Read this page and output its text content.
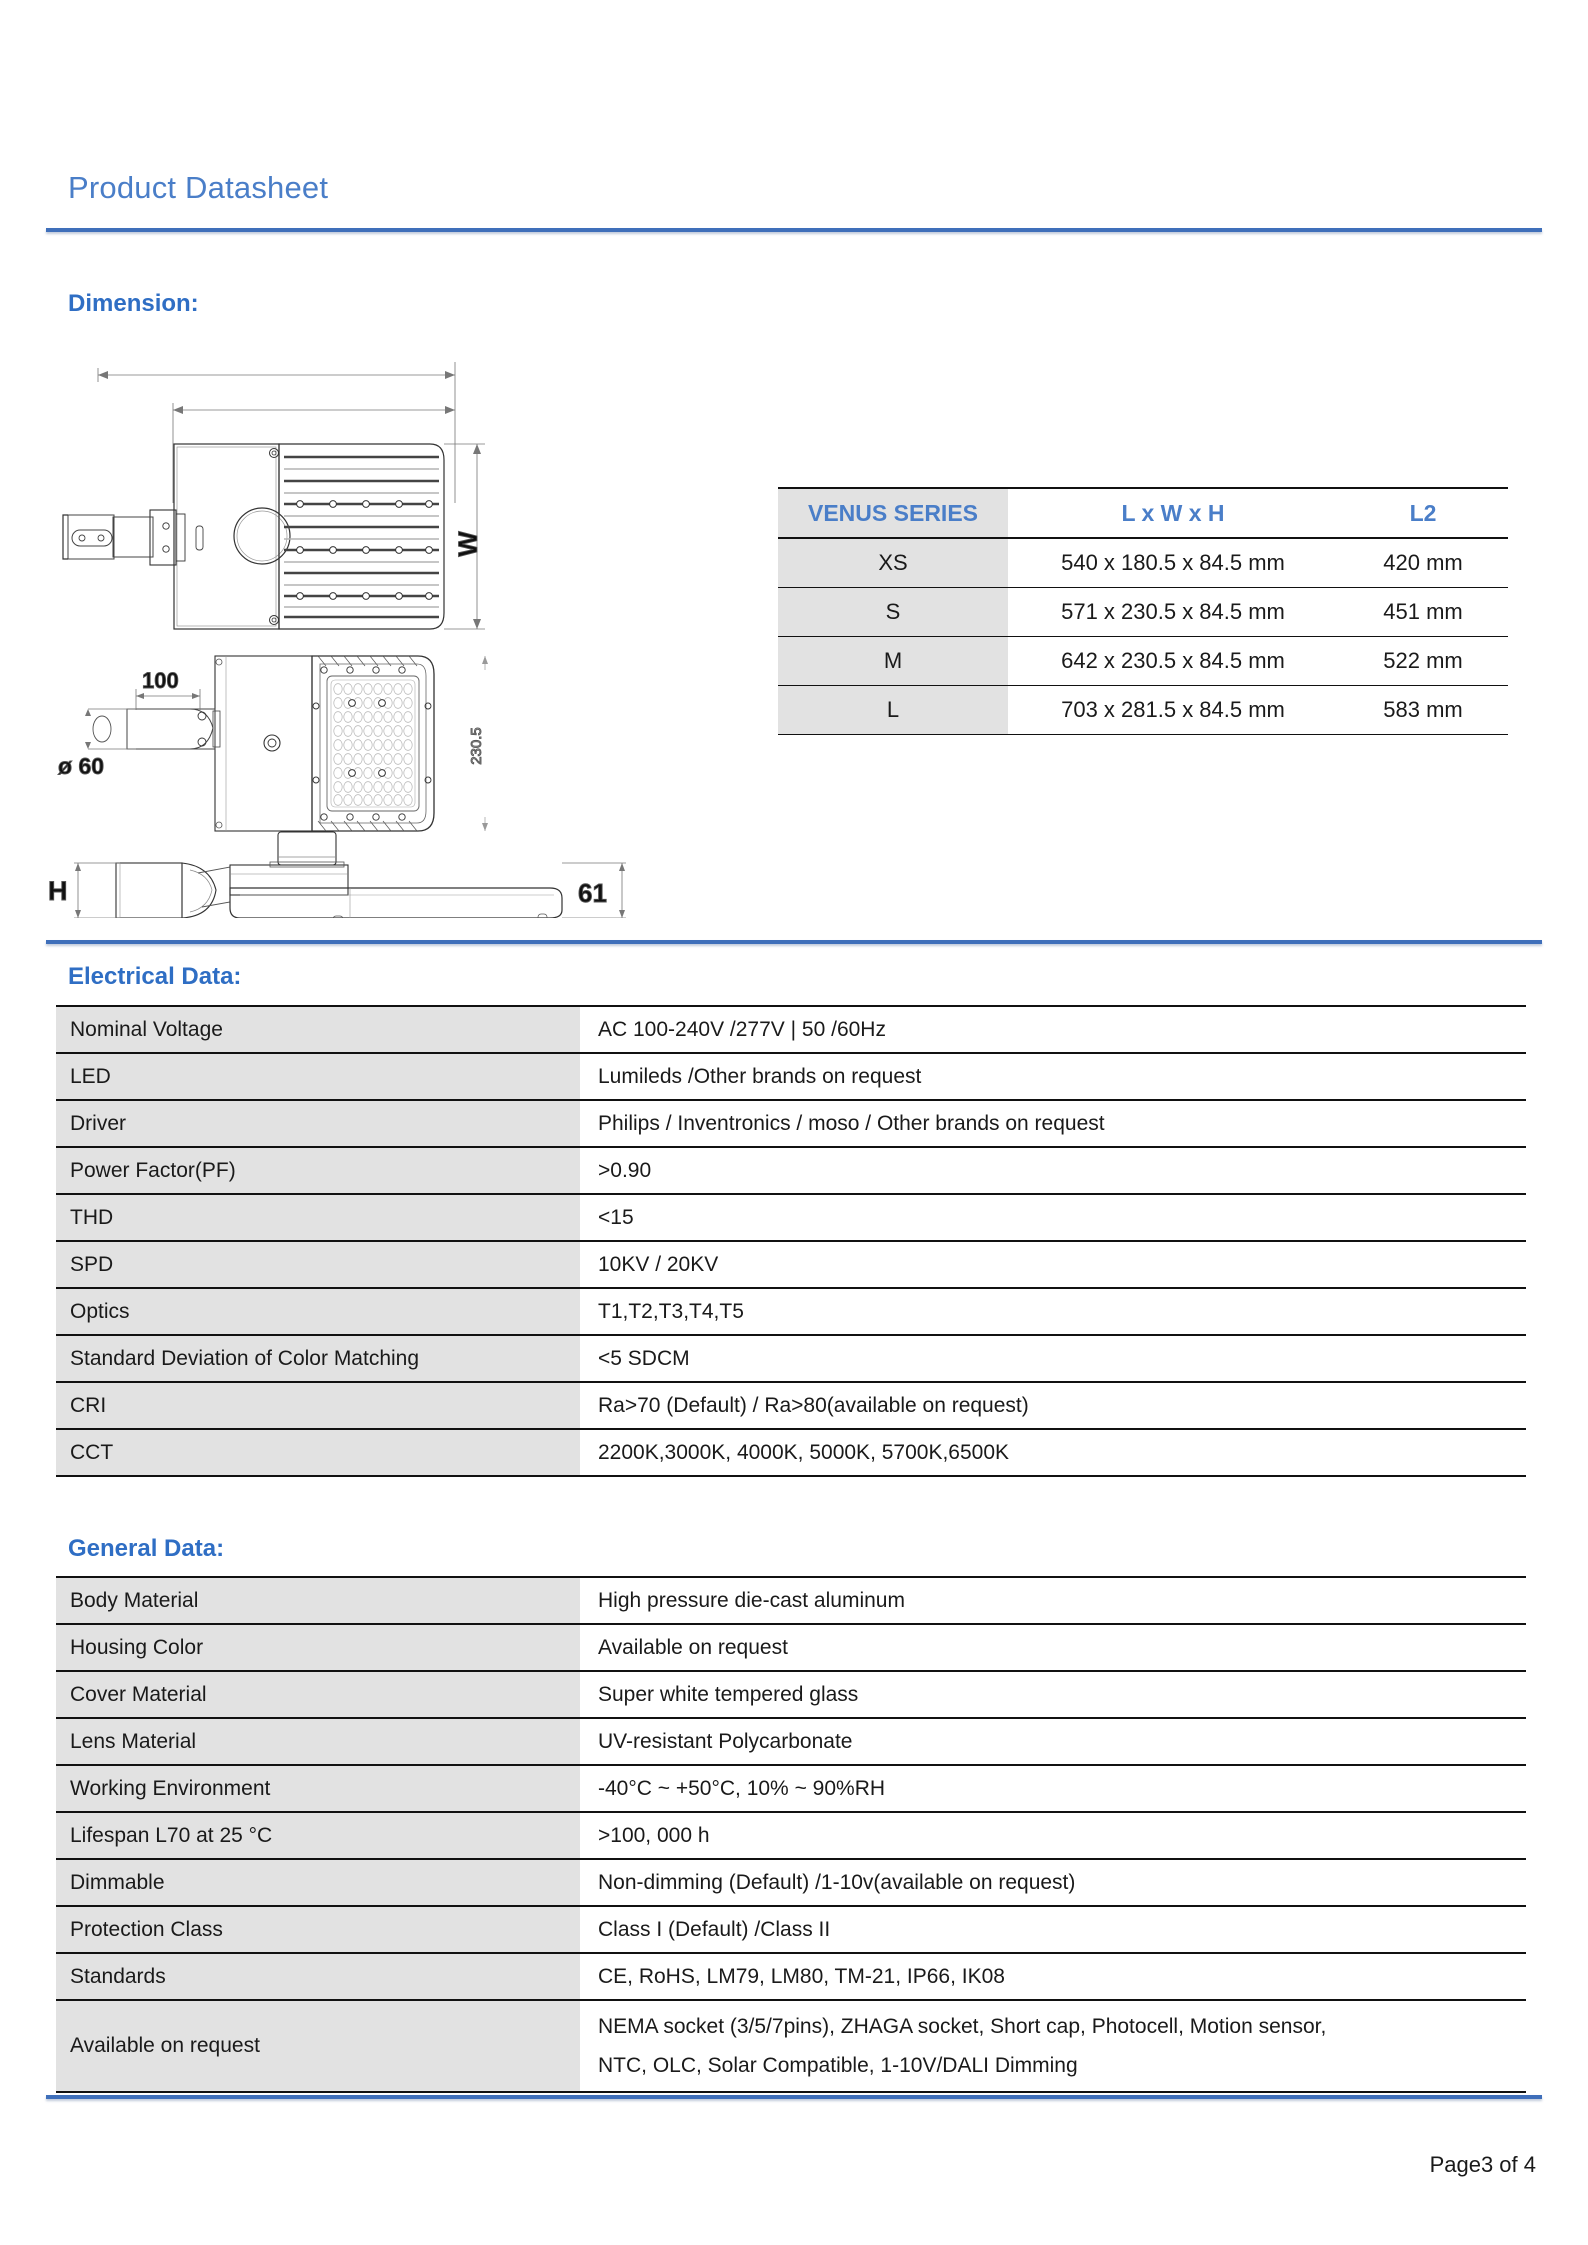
Product Datasheet
Dimension:
W
100
ø 60
230.5
H	61
VENUS SERIES	L x W x H	L2
XS	540 x 180.5 x 84.5 mm	420 mm
S	571 x 230.5 x 84.5 mm	451 mm
M	642 x 230.5 x 84.5 mm	522 mm
L	703 x 281.5 x 84.5 mm	583 mm
Electrical Data:
Nominal Voltage	AC 100-240V /277V | 50 /60Hz
LED	Lumileds /Other brands on request
Driver	Philips / Inventronics / moso / Other brands on request
Power Factor(PF)	>0.90
THD	<15
SPD	10KV / 20KV
Optics	T1,T2,T3,T4,T5
Standard Deviation of Color Matching	<5 SDCM
CRI	Ra>70 (Default) / Ra>80(available on request)
CCT	2200K,3000K, 4000K, 5000K, 5700K,6500K
General Data:
Body Material	High pressure die-cast aluminum
Housing Color	Available on request
Cover Material	Super white tempered glass
Lens Material	UV-resistant Polycarbonate
Working Environment	-40°C ~ +50°C, 10% ~ 90%RH
Lifespan L70 at 25 °C	>100, 000 h
Dimmable	Non-dimming (Default) /1-10v(available on request)
Protection Class	Class I (Default) /Class II
Standards	CE, RoHS, LM79, LM80, TM-21, IP66, IK08
Available on request	NEMA socket (3/5/7pins), ZHAGA socket, Short cap, Photocell, Motion sensor,
NTC, OLC, Solar Compatible, 1-10V/DALI Dimming
Page3 of 4
